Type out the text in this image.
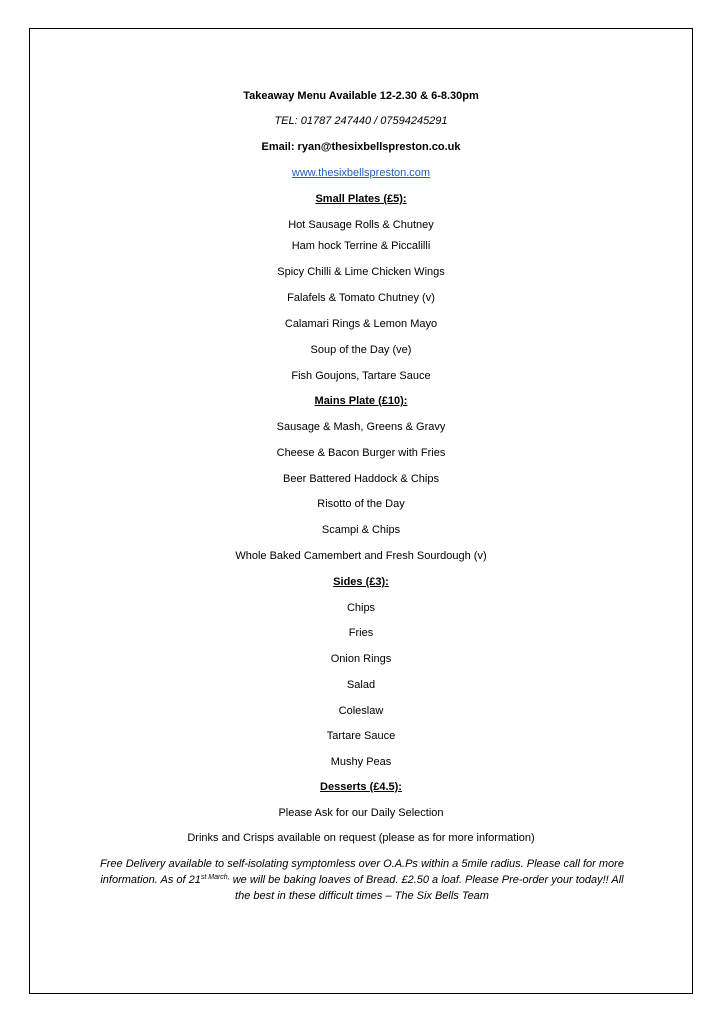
Takeaway Menu Available 12-2.30 & 6-8.30pm
TEL: 01787 247440 / 07594245291
Email: ryan@thesixbellspreston.co.uk
www.thesixbellspreston.com
Small Plates (£5):
Hot Sausage Rolls & Chutney
Ham hock Terrine & Piccalilli
Spicy Chilli & Lime Chicken Wings
Falafels & Tomato Chutney (v)
Calamari Rings & Lemon Mayo
Soup of the Day (ve)
Fish Goujons, Tartare Sauce
Mains Plate (£10):
Sausage & Mash, Greens & Gravy
Cheese & Bacon Burger with Fries
Beer Battered Haddock & Chips
Risotto of the Day
Scampi & Chips
Whole Baked Camembert and Fresh Sourdough (v)
Sides (£3):
Chips
Fries
Onion Rings
Salad
Coleslaw
Tartare Sauce
Mushy Peas
Desserts (£4.5):
Please Ask for our Daily Selection
Drinks and Crisps available on request (please as for more information)
Free Delivery available to self-isolating symptomless over O.A.Ps within a 5mile radius. Please call for more
information. As of $21^{st March,}$ we will be baking loaves of Bread. £2.50 a loaf. Please Pre-order your today!! All
the best in these difficult times – The Six Bells Team
